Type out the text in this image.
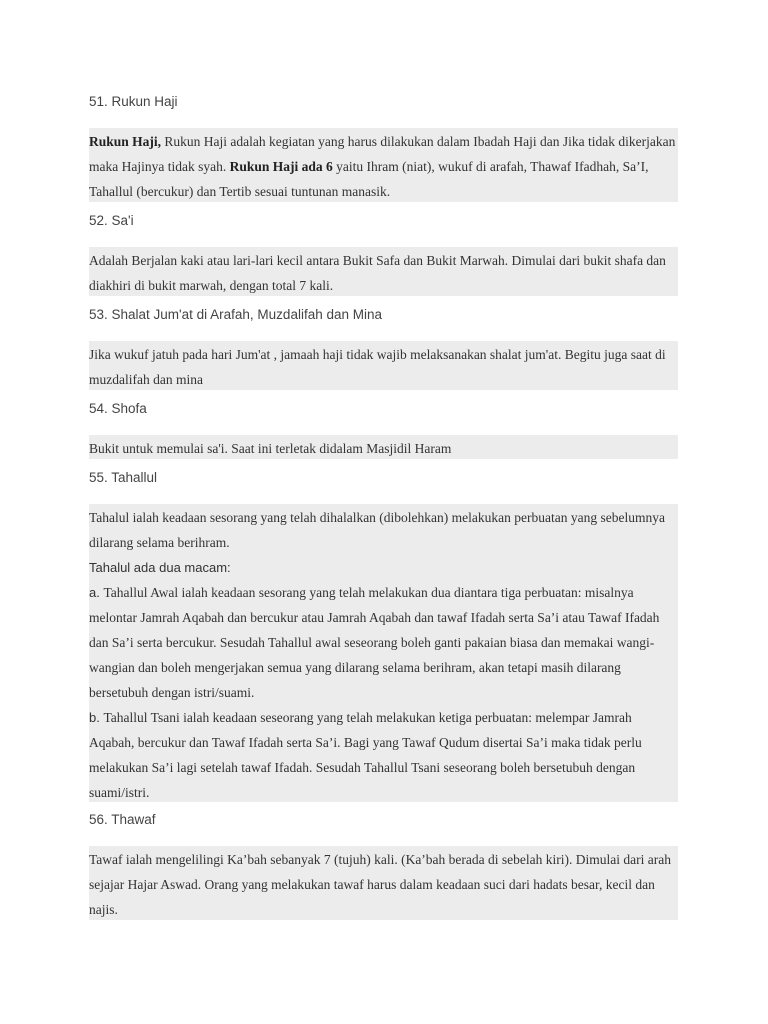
51. Rukun Haji
Rukun Haji, Rukun Haji adalah kegiatan yang harus dilakukan dalam Ibadah Haji dan Jika tidak dikerjakan maka Hajinya tidak syah. Rukun Haji ada 6 yaitu Ihram (niat), wukuf di arafah, Thawaf Ifadhah, Sa’I, Tahallul (bercukur) dan Tertib sesuai tuntunan manasik.
52. Sa'i
Adalah Berjalan kaki atau lari-lari kecil antara Bukit Safa dan Bukit Marwah. Dimulai dari bukit shafa dan diakhiri di bukit marwah, dengan total 7 kali.
53. Shalat Jum'at di Arafah, Muzdalifah dan Mina
Jika wukuf jatuh pada hari Jum'at , jamaah haji tidak wajib melaksanakan shalat jum'at. Begitu juga saat di muzdalifah dan mina
54. Shofa
Bukit untuk memulai sa'i. Saat ini terletak didalam Masjidil Haram
55. Tahallul
Tahalul ialah keadaan sesorang yang telah dihalalkan (dibolehkan) melakukan perbuatan yang sebelumnya dilarang selama berihram.
Tahalul ada dua macam:
a. Tahallul Awal ialah keadaan sesorang yang telah melakukan dua diantara tiga perbuatan: misalnya melontar Jamrah Aqabah dan bercukur atau Jamrah Aqabah dan tawaf Ifadah serta Sa’i atau Tawaf Ifadah dan Sa’i serta bercukur. Sesudah Tahallul awal seseorang boleh ganti pakaian biasa dan memakai wangi-wangian dan boleh mengerjakan semua yang dilarang selama berihram, akan tetapi masih dilarang bersetubuh dengan istri/suami.
b. Tahallul Tsani ialah keadaan seseorang yang telah melakukan ketiga perbuatan: melempar Jamrah Aqabah, bercukur dan Tawaf Ifadah serta Sa’i. Bagi yang Tawaf Qudum disertai Sa’i maka tidak perlu melakukan Sa’i lagi setelah tawaf Ifadah. Sesudah Tahallul Tsani seseorang boleh bersetubuh dengan suami/istri.
56. Thawaf
Tawaf ialah mengelilingi Ka’bah sebanyak 7 (tujuh) kali. (Ka’bah berada di sebelah kiri). Dimulai dari arah sejajar Hajar Aswad. Orang yang melakukan tawaf harus dalam keadaan suci dari hadats besar, kecil dan najis.
